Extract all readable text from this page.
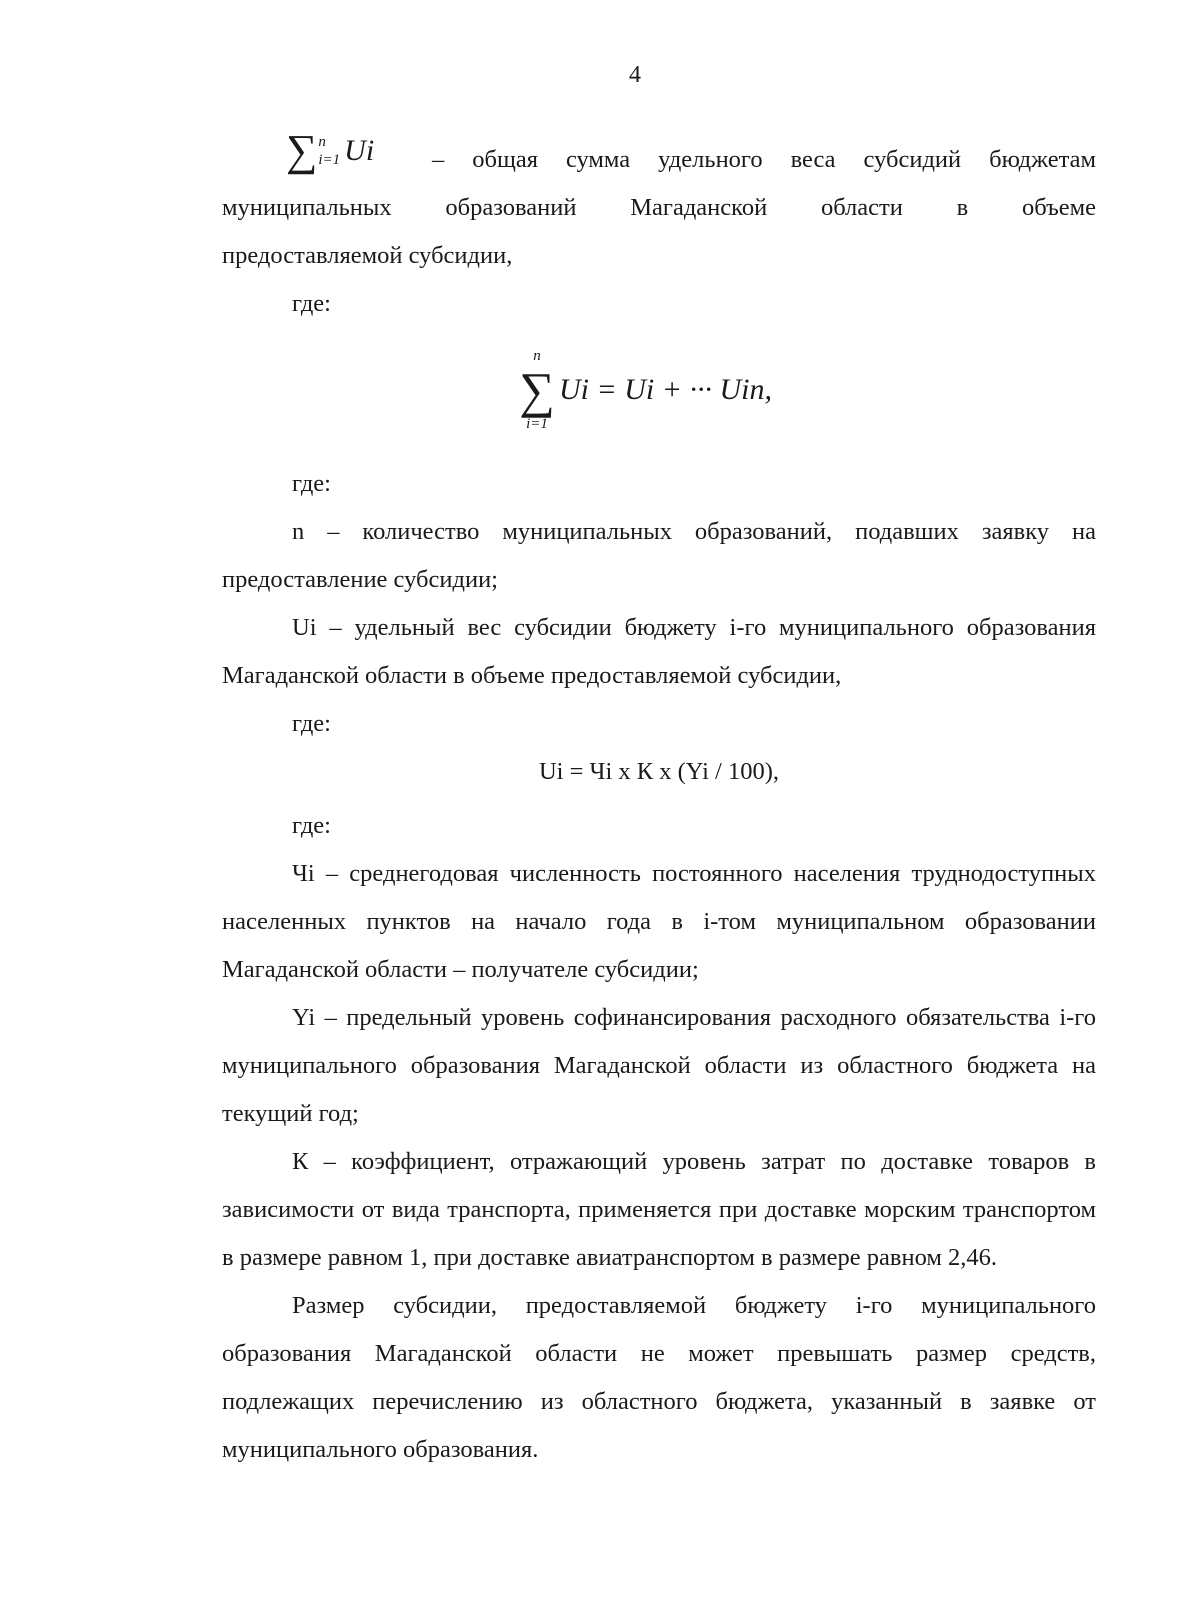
4
∑ n
i=1 Ui	– общая сумма удельного веса субсидий бюджетам
муниципальных образований Магаданской области в объеме
предоставляемой субсидии,
где:
n
∑
i=1
Ui = Ui + ··· Uin,
где:
n – количество муниципальных образований, подавших заявку на предоставление субсидии;
Ui – удельный вес субсидии бюджету i-го муниципального образования Магаданской области в объеме предоставляемой субсидии,
где:
Ui = Чi x К x (Yi / 100),
где:
Чi – среднегодовая численность постоянного населения труднодоступных населенных пунктов на начало года в i-том муниципальном образовании Магаданской области – получателе субсидии;
Yi – предельный уровень софинансирования расходного обязательства i-го муниципального образования Магаданской области из областного бюджета на текущий год;
К – коэффициент, отражающий уровень затрат по доставке товаров в зависимости от вида транспорта, применяется при доставке морским транспортом в размере равном 1, при доставке авиатранспортом в размере равном 2,46.
Размер субсидии, предоставляемой бюджету i-го муниципального образования Магаданской области не может превышать размер средств, подлежащих перечислению из областного бюджета, указанный в заявке от муниципального образования.
